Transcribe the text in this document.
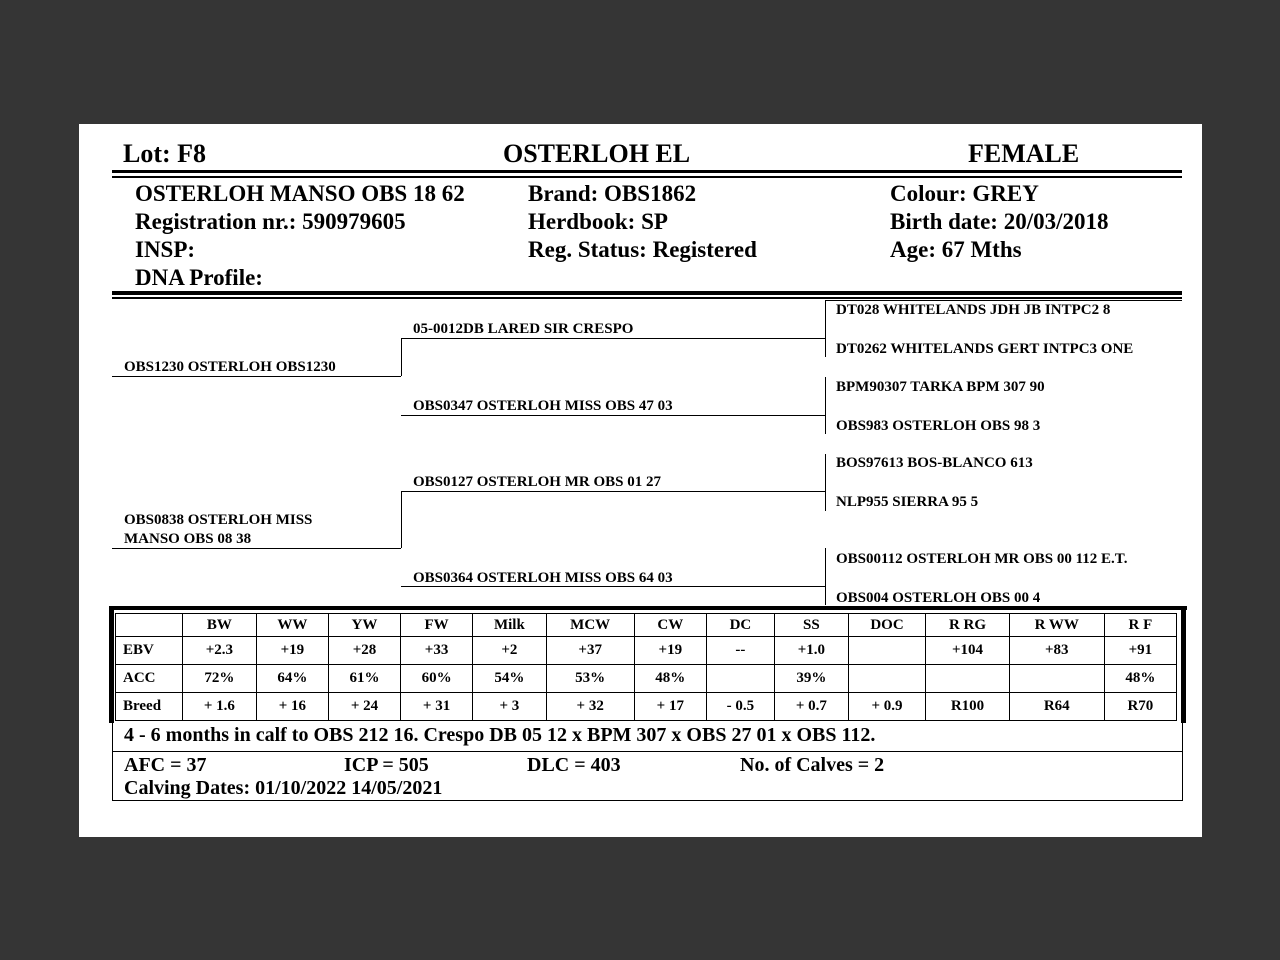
Lot: F8	OSTERLOH EL	FEMALE
OSTERLOH MANSO OBS 18 62
Registration nr.: 590979605
INSP:
DNA Profile:
Brand: OBS1862
Herdbook: SP
Reg. Status: Registered
Colour: GREY
Birth date: 20/03/2018
Age: 67 Mths
OBS1230 OSTERLOH OBS1230
OBS0838 OSTERLOH MISS
MANSO OBS 08 38
05-0012DB LARED SIR CRESPO
OBS0347 OSTERLOH MISS OBS 47 03
OBS0127 OSTERLOH MR OBS 01 27
OBS0364 OSTERLOH MISS OBS 64 03
DT028 WHITELANDS JDH JB INTPC2 8
DT0262 WHITELANDS GERT INTPC3 ONE
BPM90307 TARKA BPM 307 90
OBS983 OSTERLOH OBS 98 3
BOS97613 BOS-BLANCO 613
NLP955 SIERRA 95 5
OBS00112 OSTERLOH MR OBS 00 112 E.T.
OBS004 OSTERLOH OBS 00 4
	BW	WW	YW	FW	Milk	MCW	CW	DC	SS	DOC	R RG	R WW	R F
EBV	+2.3	+19	+28	+33	+2	+37	+19	--	+1.0		+104	+83	+91
ACC	72%	64%	61%	60%	54%	53%	48%		39%				48%
Breed	+ 1.6	+ 16	+ 24	+ 31	+ 3	+ 32	+ 17	- 0.5	+ 0.7	+ 0.9	R100	R64	R70
4 - 6 months in calf to OBS 212 16. Crespo DB 05 12 x BPM 307 x OBS 27 01 x OBS 112.
AFC = 37	ICP = 505	DLC = 403	No. of Calves = 2
Calving Dates: 01/10/2022 14/05/2021
